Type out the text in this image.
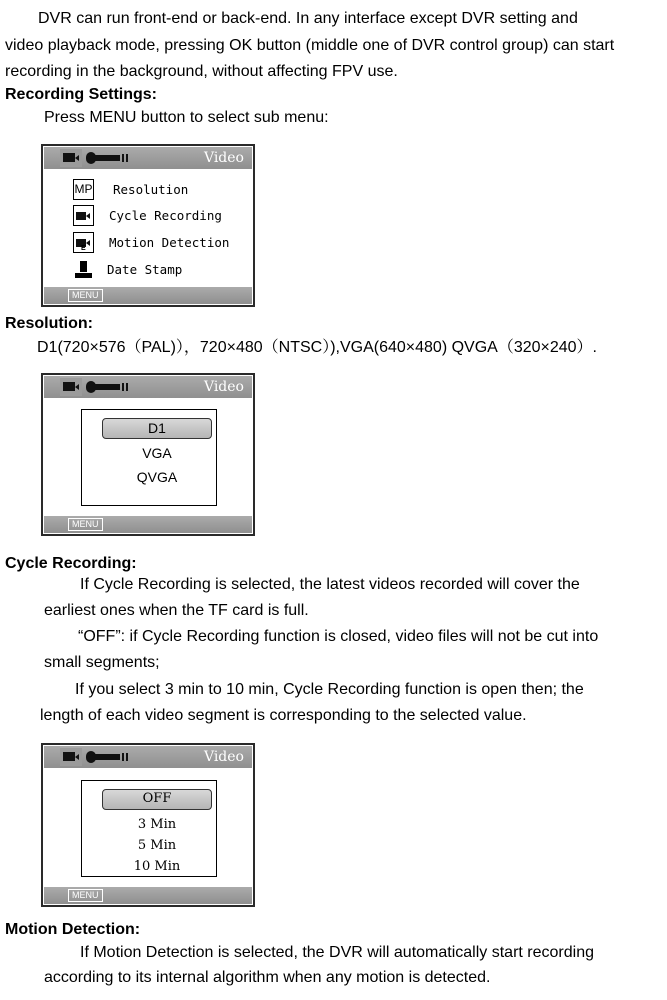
DVR can run front-end or back-end. In any interface except DVR setting and
video playback mode, pressing OK button (middle one of DVR control group) can start
recording in the background, without affecting FPV use.
Recording Settings:
Press MENU button to select sub menu:
Video
MP Resolution
Cycle Recording
E Motion Detection
Date Stamp
MENU
Resolution:
D1(720×576（PAL)），720×480（NTSC）),VGA(640×480) QVGA（320×240）.
Video
D1
VGA
QVGA
MENU
Cycle Recording:
If Cycle Recording is selected, the latest videos recorded will cover the
earliest ones when the TF card is full.
“OFF”: if Cycle Recording function is closed, video files will not be cut into
small segments;
If you select 3 min to 10 min, Cycle Recording function is open then; the
length of each video segment is corresponding to the selected value.
Video
OFF
3 Min
5 Min
10 Min
MENU
Motion Detection:
If Motion Detection is selected, the DVR will automatically start recording
according to its internal algorithm when any motion is detected.
